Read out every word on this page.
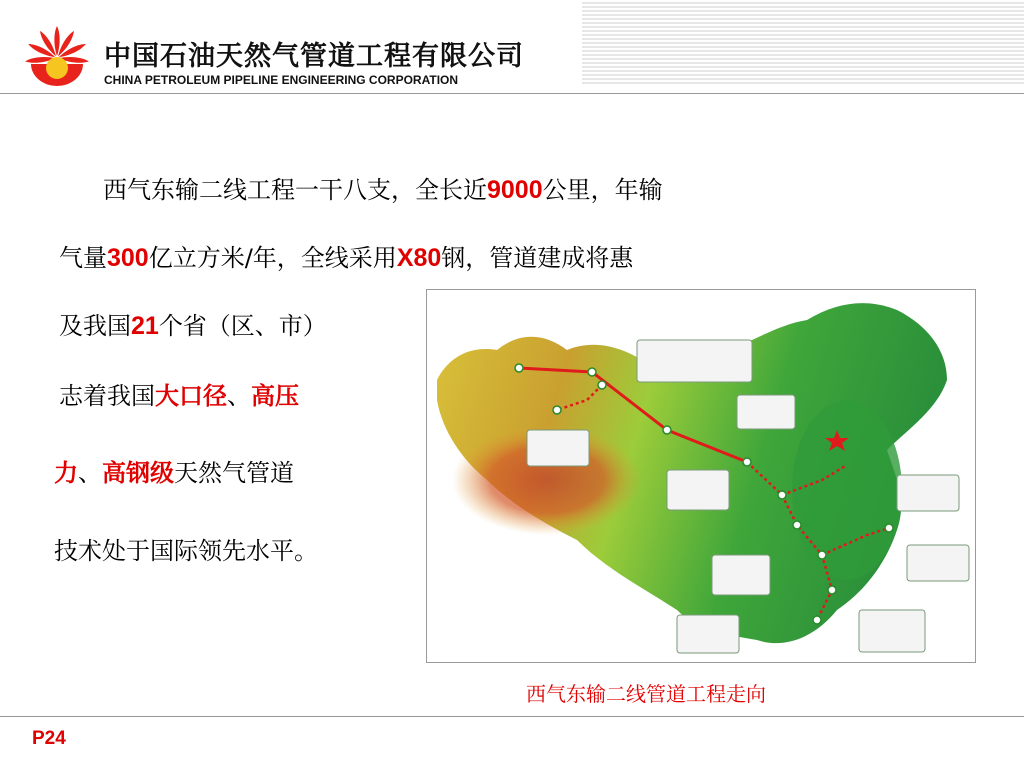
中国石油天然气管道工程有限公司
CHINA PETROLEUM PIPELINE ENGINEERING CORPORATION
西气东输二线工程一干八支，全长近9000公里，年输
气量300亿立方米/年，全线采用X80钢，管道建成将惠
及我国21个省（区、市）
志着我国大口径、高压
力、高钢级天然气管道
技术处于国际领先水平。
西气东输二线管道工程走向
P24
